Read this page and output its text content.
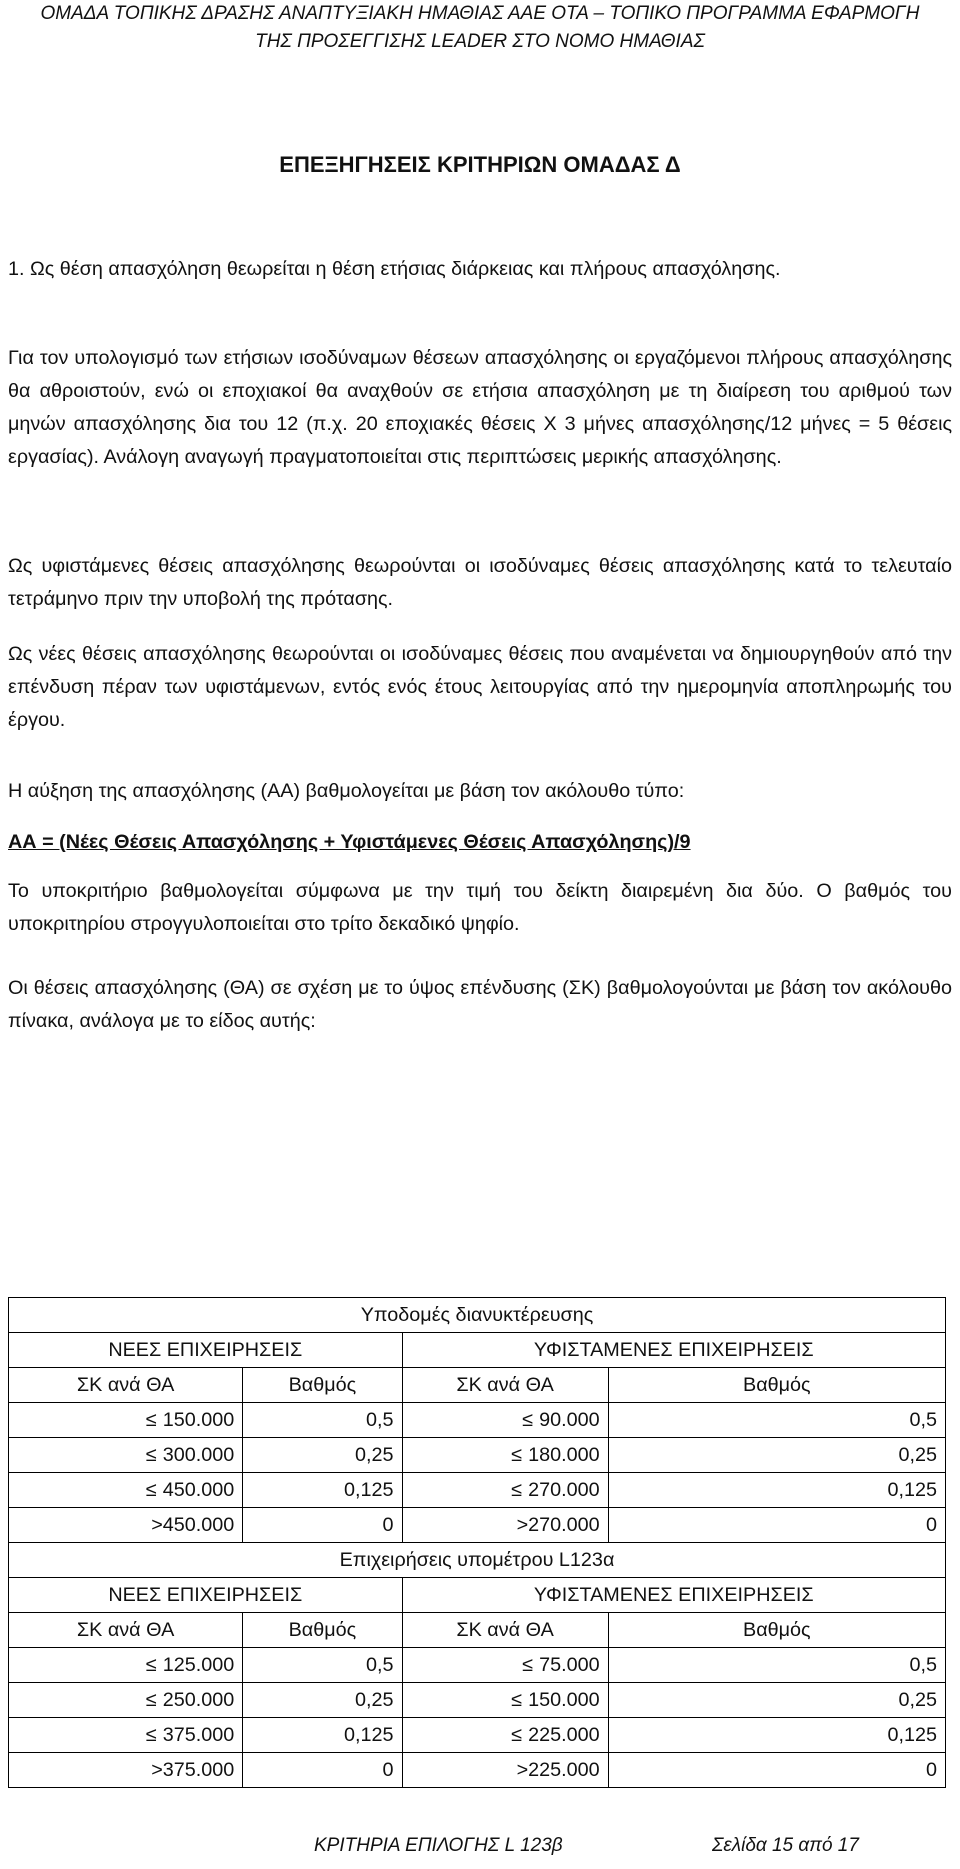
ΟΜΑΔΑ ΤΟΠΙΚΗΣ ΔΡΑΣΗΣ ΑΝΑΠΤΥΞΙΑΚΗ ΗΜΑΘΙΑΣ ΑΑΕ ΟΤΑ – ΤΟΠΙΚΟ ΠΡΟΓΡΑΜΜΑ ΕΦΑΡΜΟΓΗ
ΤΗΣ ΠΡΟΣΕΓΓΙΣΗΣ LEADER ΣΤΟ ΝΟΜΟ ΗΜΑΘΙΑΣ
ΕΠΕΞΗΓΗΣΕΙΣ ΚΡΙΤΗΡΙΩΝ ΟΜΑΔΑΣ Δ
1. Ως θέση απασχόληση θεωρείται η θέση ετήσιας διάρκειας και πλήρους απασχόλησης.
Για τον υπολογισμό των ετήσιων ισοδύναμων θέσεων απασχόλησης οι εργαζόμενοι πλήρους απασχόλησης θα αθροιστούν, ενώ οι εποχιακοί θα αναχθούν σε ετήσια απασχόληση με τη διαίρεση του αριθμού των μηνών απασχόλησης δια του 12 (π.χ. 20 εποχιακές θέσεις Χ 3 μήνες απασχόλησης/12 μήνες = 5 θέσεις εργασίας). Ανάλογη αναγωγή πραγματοποιείται στις περιπτώσεις μερικής απασχόλησης.
Ως υφιστάμενες θέσεις απασχόλησης θεωρούνται οι ισοδύναμες θέσεις απασχόλησης κατά το τελευταίο τετράμηνο πριν την υποβολή της πρότασης.
Ως νέες θέσεις απασχόλησης θεωρούνται οι ισοδύναμες θέσεις που αναμένεται να δημιουργηθούν από την επένδυση πέραν των υφιστάμενων, εντός ενός έτους λειτουργίας από την ημερομηνία αποπληρωμής του έργου.
Η αύξηση της απασχόλησης (ΑΑ) βαθμολογείται με βάση τον ακόλουθο τύπο:
ΑΑ = (Νέες Θέσεις Απασχόλησης + Υφιστάμενες Θέσεις Απασχόλησης)/9
Το υποκριτήριο βαθμολογείται σύμφωνα με την τιμή του δείκτη διαιρεμένη δια δύο. Ο βαθμός του υποκριτηρίου στρογγυλοποιείται στο τρίτο δεκαδικό ψηφίο.
Οι θέσεις απασχόλησης (ΘΑ) σε σχέση με το ύψος επένδυσης (ΣΚ) βαθμολογούνται με βάση τον ακόλουθο πίνακα, ανάλογα με το είδος αυτής:
Υποδομές διανυκτέρευσης			
ΝΕΕΣ ΕΠΙΧΕΙΡΗΣΕΙΣ		ΥΦΙΣΤΑΜΕΝΕΣ ΕΠΙΧΕΙΡΗΣΕΙΣ	
ΣΚ ανά ΘΑ	Βαθμός	ΣΚ ανά ΘΑ	Βαθμός
≤ 150.000	0,5	≤ 90.000	0,5
≤ 300.000	0,25	≤ 180.000	0,25
≤ 450.000	0,125	≤ 270.000	0,125
>450.000	0	>270.000	0
Επιχειρήσεις υπομέτρου L123α			
ΝΕΕΣ ΕΠΙΧΕΙΡΗΣΕΙΣ		ΥΦΙΣΤΑΜΕΝΕΣ ΕΠΙΧΕΙΡΗΣΕΙΣ	
ΣΚ ανά ΘΑ	Βαθμός	ΣΚ ανά ΘΑ	Βαθμός
≤ 125.000	0,5	≤ 75.000	0,5
≤ 250.000	0,25	≤ 150.000	0,25
≤ 375.000	0,125	≤ 225.000	0,125
>375.000	0	>225.000	0
ΚΡΙΤΗΡΙΑ ΕΠΙΛΟΓΗΣ L 123β	Σελίδα 15 από 17
